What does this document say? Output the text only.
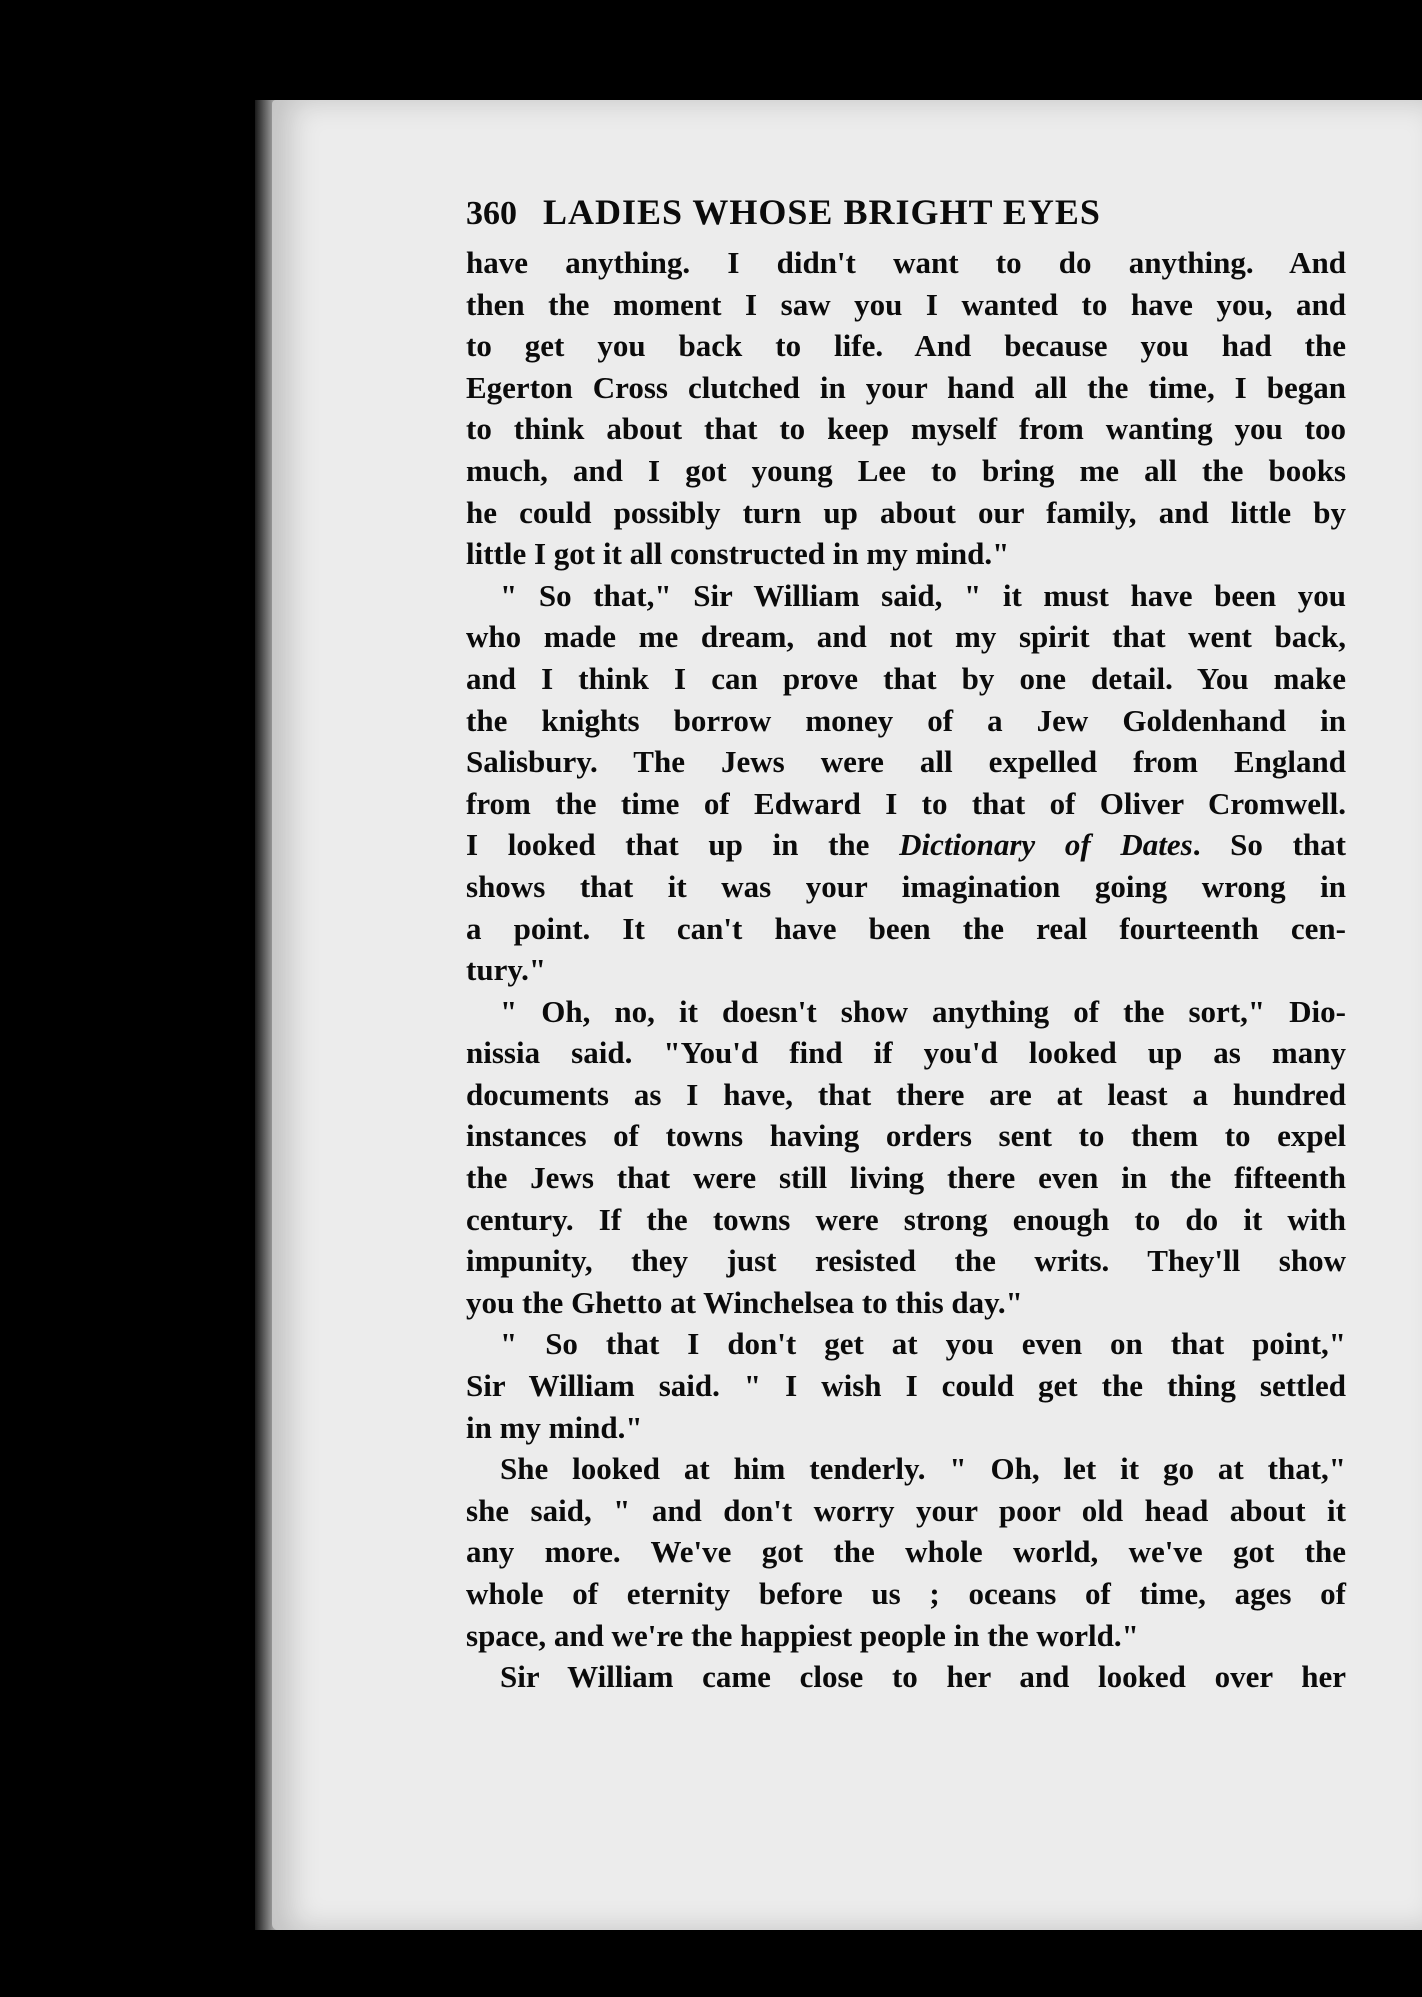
360 LADIES WHOSE BRIGHT EYES
have anything. I didn't want to do anything. And
then the moment I saw you I wanted to have you, and
to get you back to life. And because you had the
Egerton Cross clutched in your hand all the time, I began
to think about that to keep myself from wanting you too
much, and I got young Lee to bring me all the books
he could possibly turn up about our family, and little by
little I got it all constructed in my mind."
" So that," Sir William said, " it must have been you
who made me dream, and not my spirit that went back,
and I think I can prove that by one detail. You make
the knights borrow money of a Jew Goldenhand in
Salisbury. The Jews were all expelled from England
from the time of Edward I to that of Oliver Cromwell.
I looked that up in the Dictionary of Dates. So that
shows that it was your imagination going wrong in
a point. It can't have been the real fourteenth cen-
tury."
" Oh, no, it doesn't show anything of the sort," Dio-
nissia said. "You'd find if you'd looked up as many
documents as I have, that there are at least a hundred
instances of towns having orders sent to them to expel
the Jews that were still living there even in the fifteenth
century. If the towns were strong enough to do it with
impunity, they just resisted the writs. They'll show
you the Ghetto at Winchelsea to this day."
" So that I don't get at you even on that point,"
Sir William said. " I wish I could get the thing settled
in my mind."
She looked at him tenderly. " Oh, let it go at that,"
she said, " and don't worry your poor old head about it
any more. We've got the whole world, we've got the
whole of eternity before us ; oceans of time, ages of
space, and we're the happiest people in the world."
Sir William came close to her and looked over her
